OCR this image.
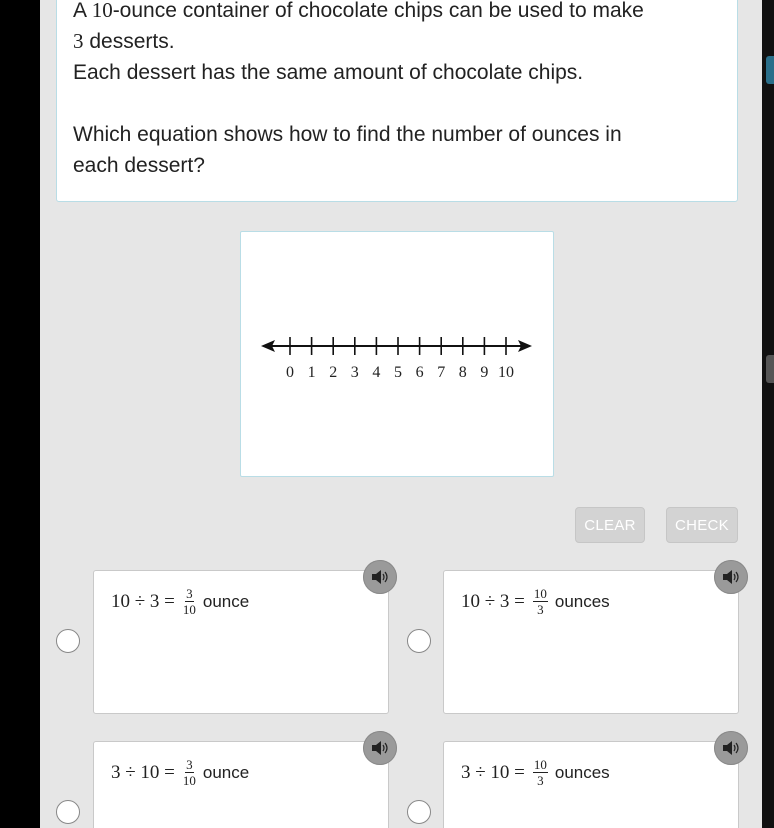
A 10-ounce container of chocolate chips can be used to make

3 desserts.

Each dessert has the same amount of chocolate chips.

Which equation shows how to find the number of ounces in

each dessert?

0 1 2 3 4 5 6 7 8 9 10
CLEAR	CHECK
10
÷
3
= $\frac{3}{10}$ ounce	10
÷
3
= $\frac{10}{3}$ ounces
3
÷
10
= $\frac{3}{10}$ ounce	3
÷
10
= $\frac{10}{3}$ ounces
